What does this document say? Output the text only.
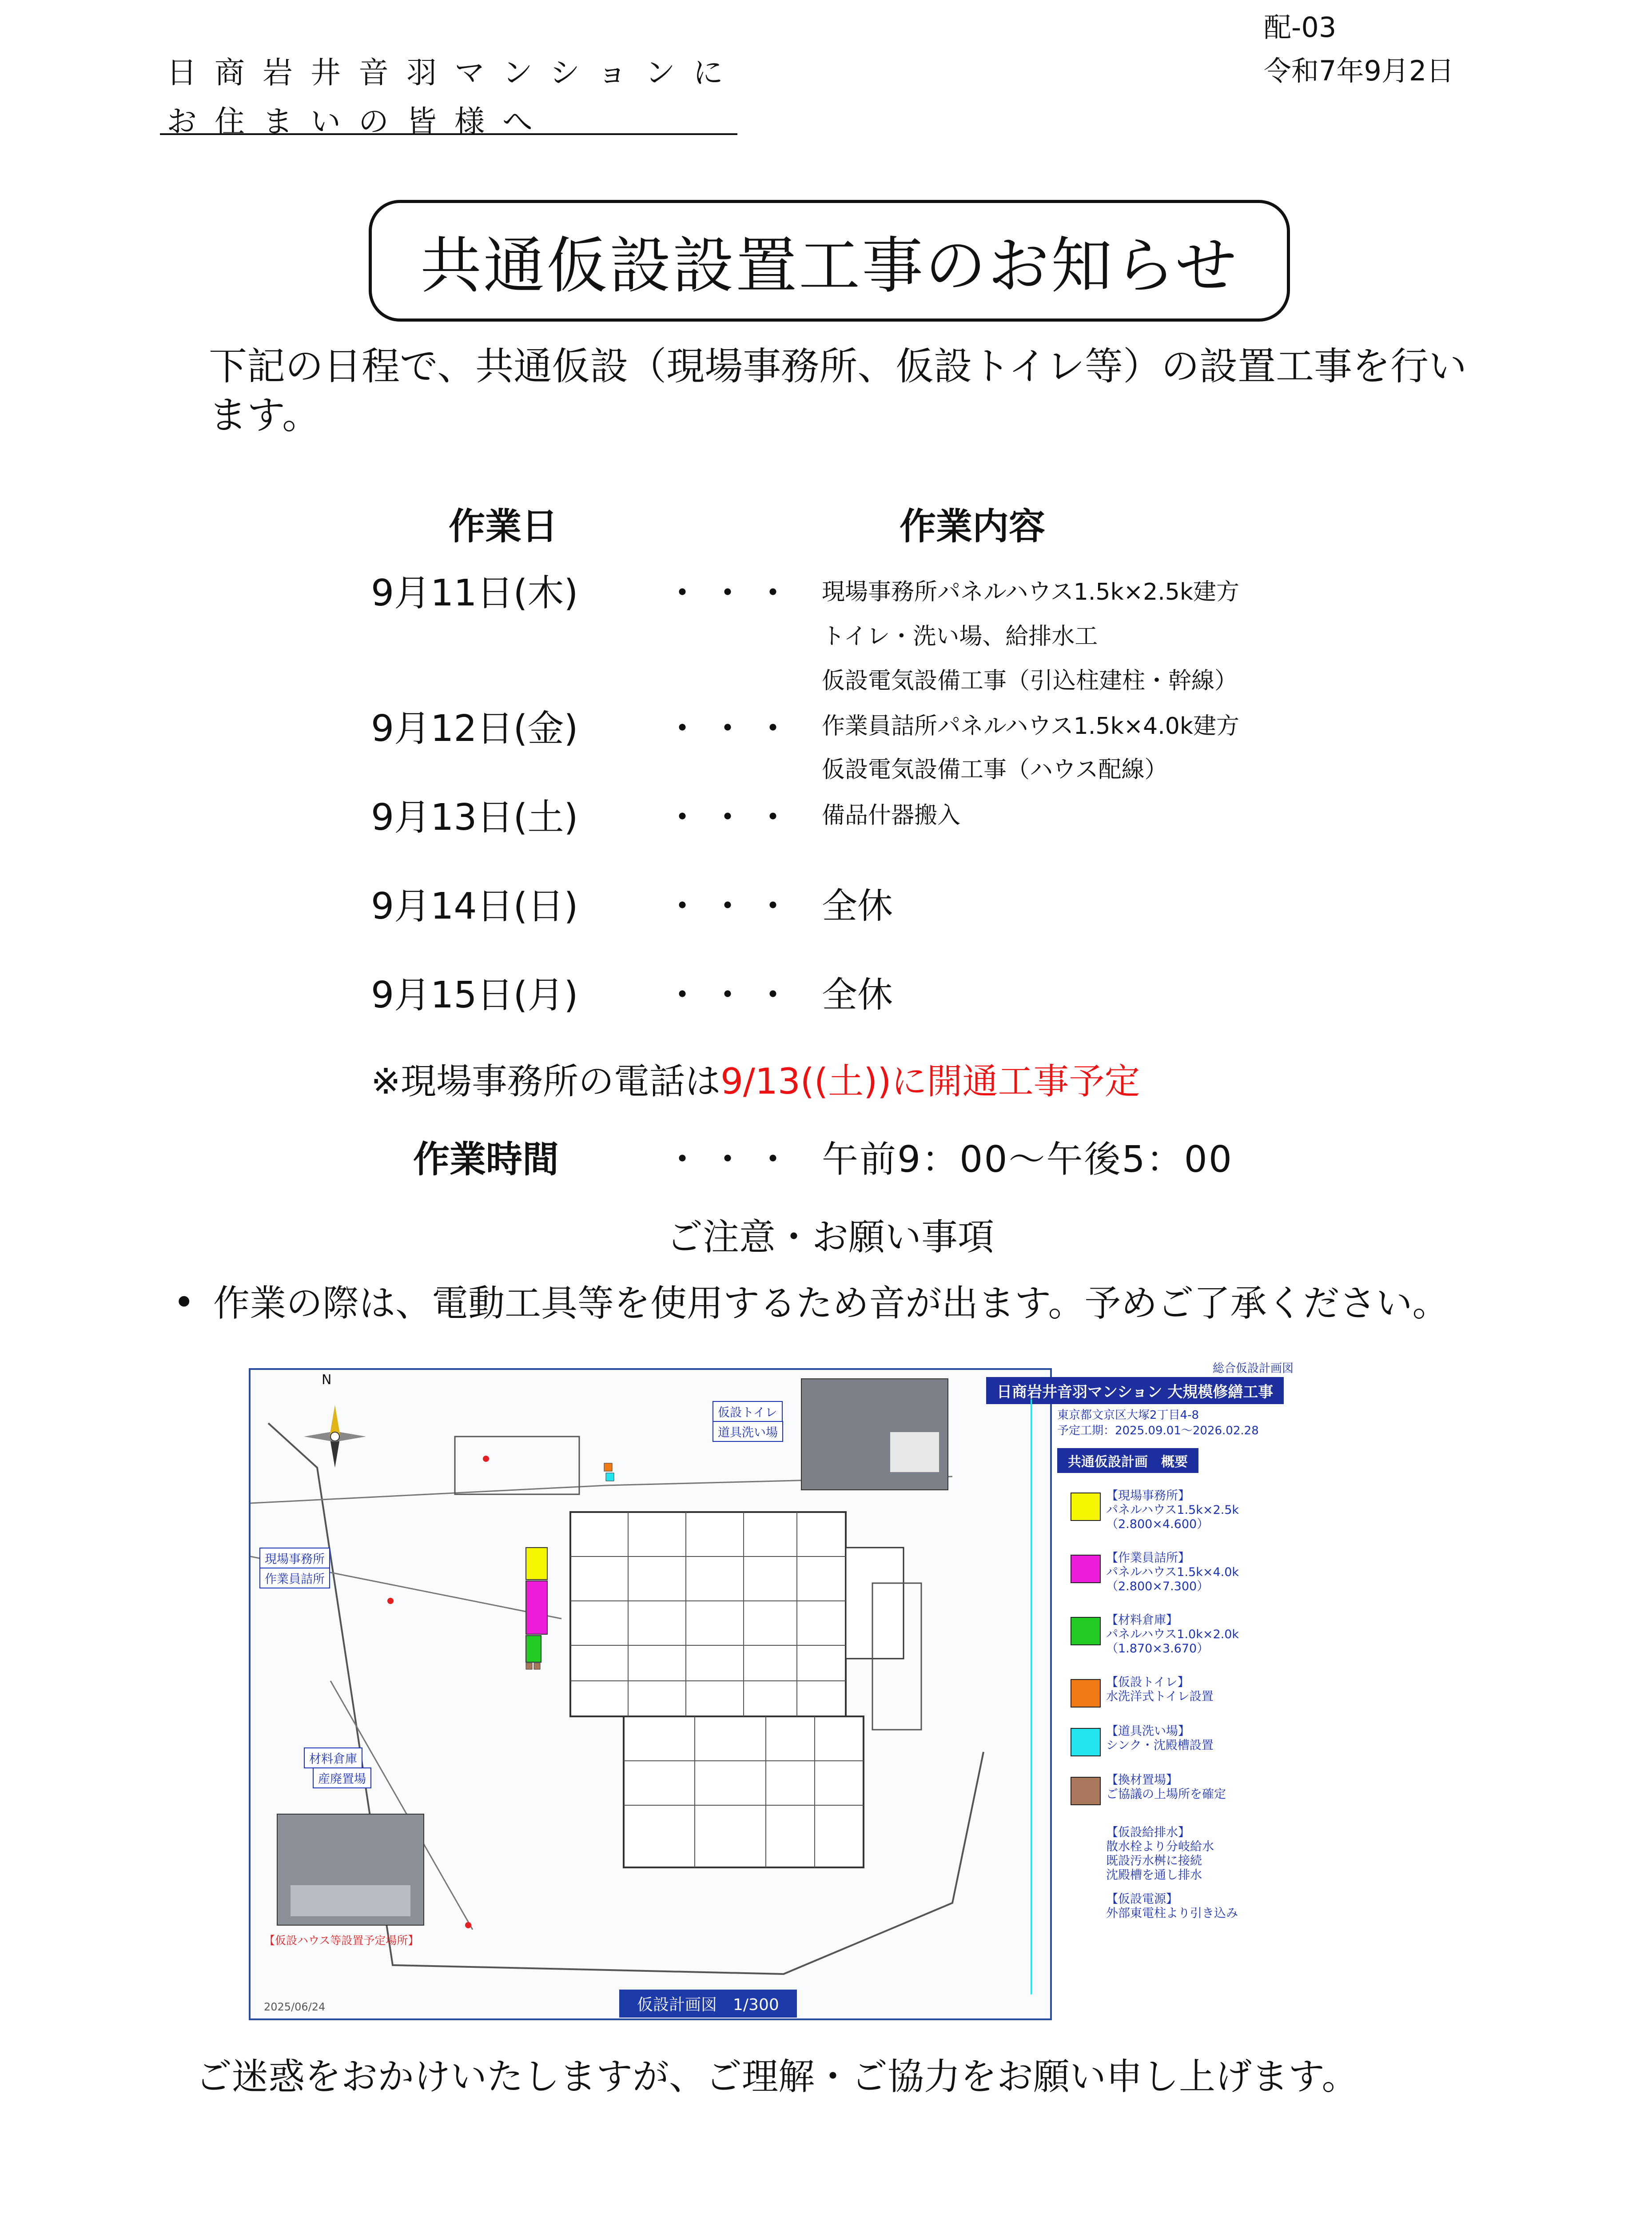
配-03
令和7年9月2日
日商岩井音羽マンションに
お住まいの皆様へ
共通仮設設置工事のお知らせ
下記の日程で、共通仮設（現場事務所、仮設トイレ等）の設置工事を行います。
作業日	作業内容
9月11日(木) ・・・ 現場事務所パネルハウス1.5k×2.5k建方
トイレ・洗い場、給排水工
仮設電気設備工事（引込柱建柱・幹線）
9月12日(金) ・・・ 作業員詰所パネルハウス1.5k×4.0k建方
仮設電気設備工事（ハウス配線）
9月13日(土) ・・・ 備品什器搬入
9月14日(日) ・・・ 全休
9月15日(月) ・・・ 全休
※現場事務所の電話は9/13((土))に開通工事予定
作業時間	・・・ 午前9：00～午後5：00
ご注意・お願い事項
• 作業の際は、電動工具等を使用するため音が出ます。予めご了承ください。
N
仮設トイレ
道具洗い場
現場事務所
作業員詰所
材料倉庫
産廃置場
【仮設ハウス等設置予定場所】
2025/06/24	仮設計画図　1/300
総合仮設計画図
日商岩井音羽マンション 大規模修繕工事
東京都文京区大塚2丁目4-8
予定工期：2025.09.01～2026.02.28
共通仮設計画　概要
【現場事務所】
パネルハウス1.5k×2.5k
（2.800×4.600）
【作業員詰所】
パネルハウス1.5k×4.0k
（2.800×7.300）
【材料倉庫】
パネルハウス1.0k×2.0k
（1.870×3.670）
【仮設トイレ】
水洗洋式トイレ設置
【道具洗い場】
シンク・沈殿槽設置
【換材置場】
ご協議の上場所を確定
【仮設給排水】
散水栓より分岐給水
既設汚水桝に接続
沈殿槽を通し排水
【仮設電源】
外部東電柱より引き込み
ご迷惑をおかけいたしますが、ご理解・ご協力をお願い申し上げます。
